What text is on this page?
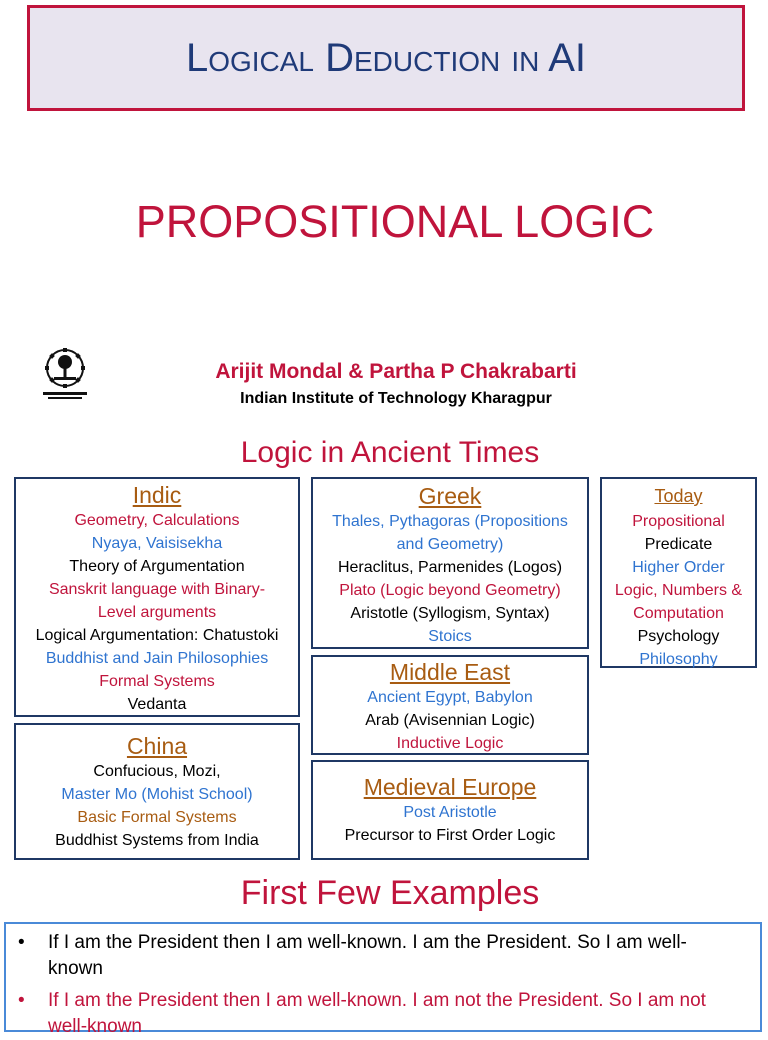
Logical Deduction in AI
PROPOSITIONAL LOGIC
Arijit Mondal & Partha P Chakrabarti
Indian Institute of Technology Kharagpur
Logic in Ancient Times
Indic
Geometry, Calculations
Nyaya, Vaisisekha
Theory of Argumentation
Sanskrit language with Binary-
Level arguments
Logical Argumentation: Chatustoki
Buddhist and Jain Philosophies
Formal Systems
Vedanta
China
Confucious, Mozi,
Master Mo (Mohist School)
Basic Formal Systems
Buddhist Systems from India
Greek
Thales, Pythagoras (Propositions
and Geometry)
Heraclitus, Parmenides (Logos)
Plato (Logic beyond Geometry)
Aristotle (Syllogism, Syntax)
Stoics
Middle East
Ancient Egypt, Babylon
Arab (Avisennian Logic)
Inductive Logic
Medieval Europe
Post Aristotle
Precursor to First Order Logic
Today
Propositional
Predicate
Higher Order
Logic, Numbers &
Computation
Psychology
Philosophy
First Few Examples
•	If I am the President then I am well-known. I am the President. So I am well-known
•	If I am the President then I am well-known. I am not the President. So I am not well-known
